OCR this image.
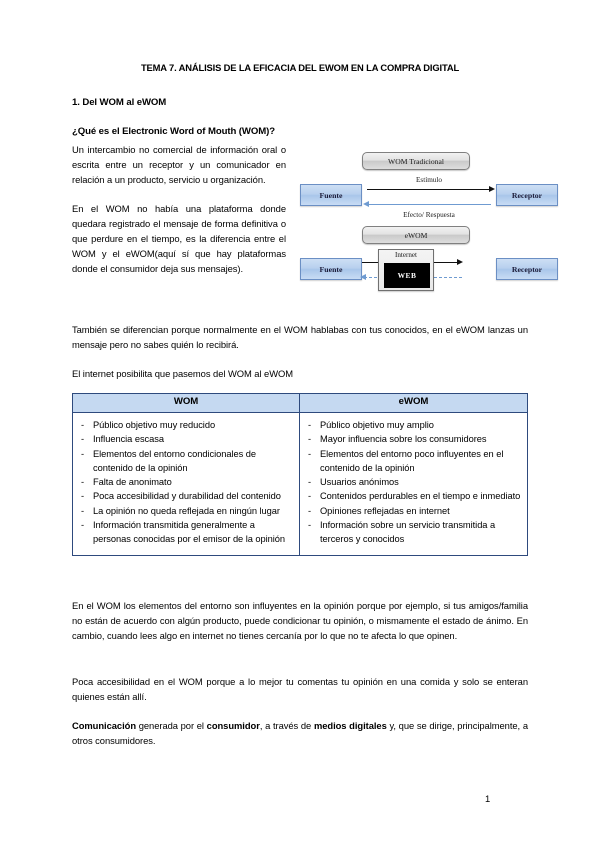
TEMA 7. ANÁLISIS DE LA EFICACIA DEL EWOM EN LA COMPRA DIGITAL
1. Del WOM al eWOM
¿Qué es el Electronic Word of Mouth (WOM)?

Un intercambio no comercial de información oral o escrita entre un receptor y un comunicador en relación a un producto, servicio u organización.

En el WOM no había una plataforma donde quedara registrado el mensaje de forma definitiva o que perdure en el tiempo, es la diferencia entre el WOM y el eWOM(aquí sí que hay plataformas donde el consumidor deja sus mensajes).

WOM Tradicional
Fuente	Receptor
Estímulo
Efecto/ Respuesta
eWOM
Fuente	Receptor
Internet
WEB
También se diferencian porque normalmente en el WOM hablabas con tus conocidos, en el eWOM lanzas un mensaje pero no sabes quién lo recibirá.
El internet posibilita que pasemos del WOM al eWOM
WOM	eWOM

- Público objetivo muy reducido
- Influencia escasa
- Elementos del entorno condicionales de contenido de la opinión
- Falta de anonimato
- Poca accesibilidad y durabilidad del contenido
- La opinión no queda reflejada en ningún lugar
- Información transmitida generalmente a personas conocidas por el emisor de la opinión

- Público objetivo muy amplio
- Mayor influencia sobre los consumidores
- Elementos del entorno poco influyentes en el contenido de la opinión
- Usuarios anónimos
- Contenidos perdurables en el tiempo e inmediato
- Opiniones reflejadas en internet
- Información sobre un servicio transmitida a terceros y conocidos
En el WOM los elementos del entorno son influyentes en la opinión porque por ejemplo, si tus amigos/familia no están de acuerdo con algún producto, puede condicionar tu opinión, o mismamente el estado de ánimo. En cambio, cuando lees algo en internet no tienes cercanía por lo que no te afecta lo que opinen.
Poca accesibilidad en el WOM porque a lo mejor tu comentas tu opinión en una comida y solo se enteran quienes están allí.
Comunicación generada por el consumidor, a través de medios digitales y, que se dirige, principalmente, a otros consumidores.
1
